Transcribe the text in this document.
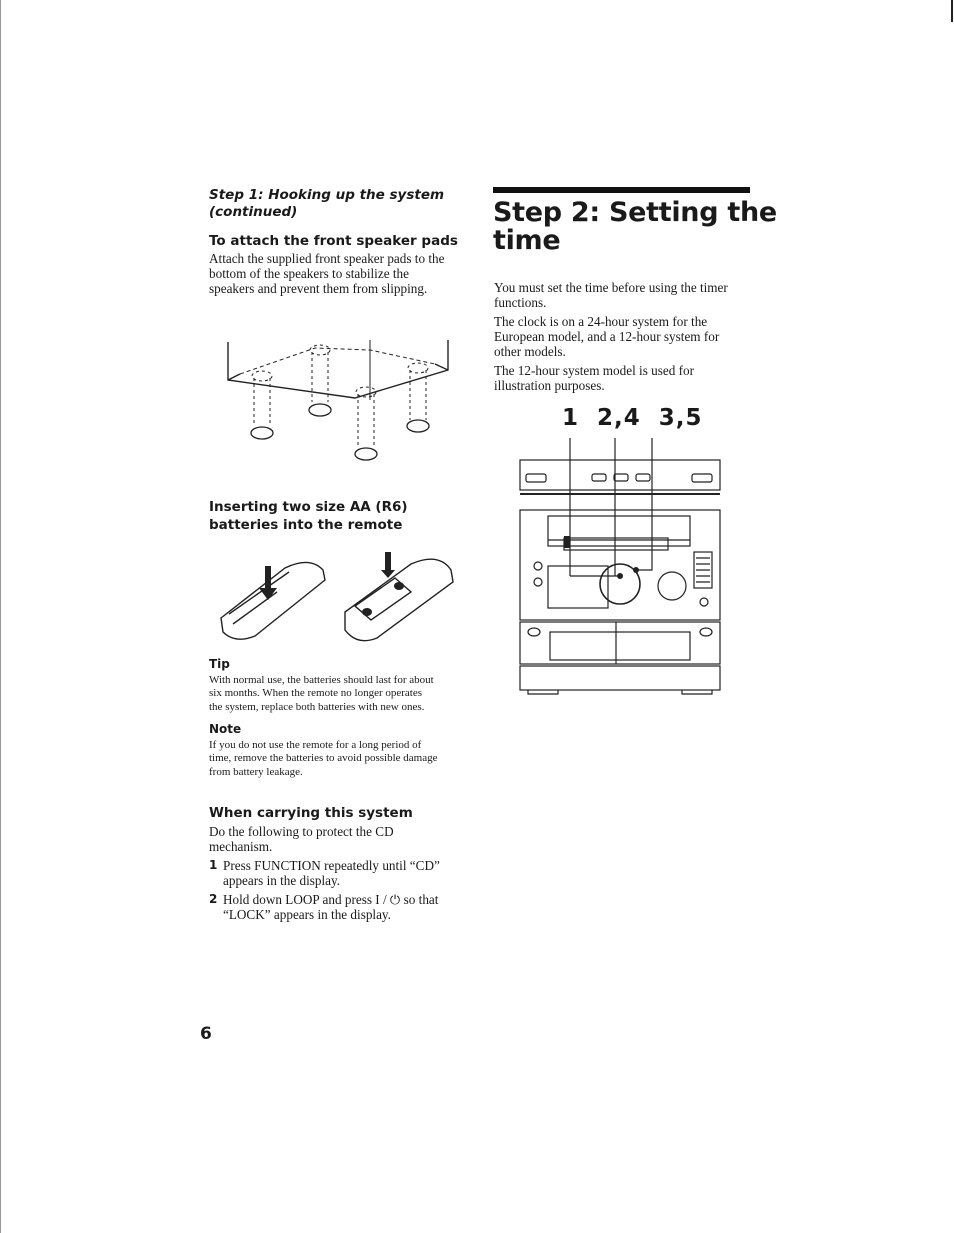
Step 1: Hooking up the system
(continued)
To attach the front speaker pads
Attach the supplied front speaker pads to the
bottom of the speakers to stabilize the
speakers and prevent them from slipping.
Inserting two size AA (R6)
batteries into the remote
Tip
With normal use, the batteries should last for about
six months. When the remote no longer operates
the system, replace both batteries with new ones.
Note
If you do not use the remote for a long period of
time, remove the batteries to avoid possible damage
from battery leakage.
When carrying this system
Do the following to protect the CD
mechanism.
1 Press FUNCTION repeatedly until “CD”
appears in the display.
2 Hold down LOOP and press I / ⏻ so that
“LOCK” appears in the display.
6
Step 2: Setting the
time
You must set the time before using the timer
functions.
The clock is on a 24-hour system for the
European model, and a 12-hour system for
other models.
The 12-hour system model is used for
illustration purposes.
1  2,4  3,5
